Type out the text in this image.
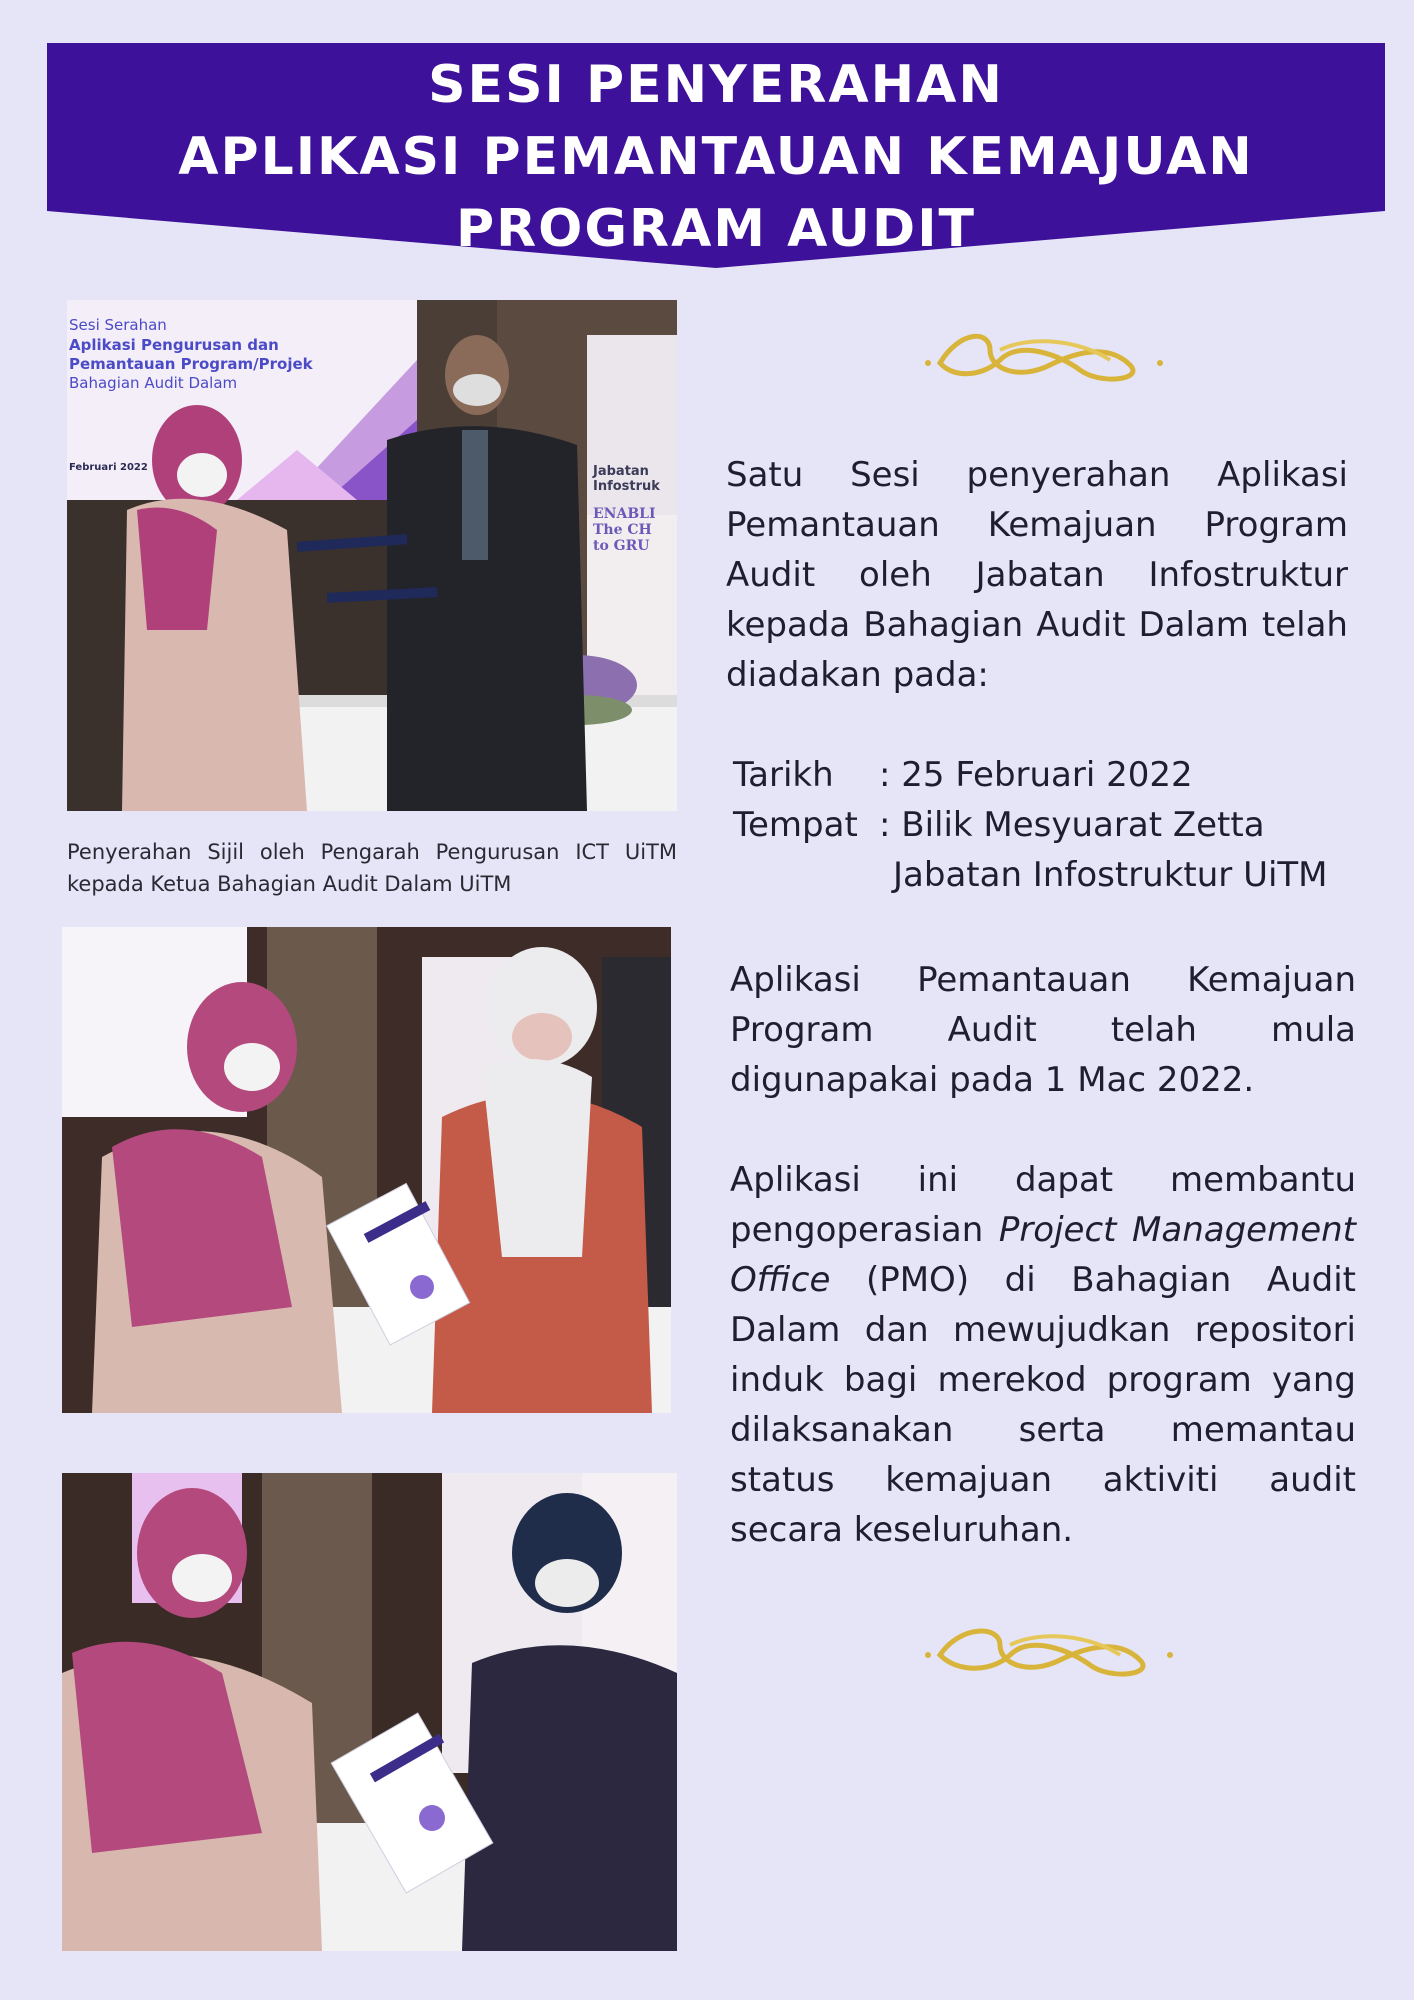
SESI PENYERAHAN
APLIKASI PEMANTAUAN KEMAJUAN
PROGRAM AUDIT
Sesi Serahan
Aplikasi Pengurusan dan
Pemantauan Program/Projek
Bahagian Audit Dalam
Februari 2022	Jabatan
Infostruk
ENABLI
The CH
to GRU
Penyerahan Sijil oleh Pengarah Pengurusan ICT UiTM kepada Ketua Bahagian Audit Dalam UiTM
Satu Sesi penyerahan Aplikasi Pemantauan Kemajuan Program Audit oleh Jabatan Infostruktur kepada Bahagian Audit Dalam telah diadakan pada:
Tarikh : 25 Februari 2022
Tempat : Bilik Mesyuarat Zetta
Jabatan Infostruktur UiTM
Aplikasi Pemantauan Kemajuan Program Audit telah mula digunapakai pada 1 Mac 2022.
Aplikasi ini dapat membantu pengoperasian Project Management Office (PMO) di Bahagian Audit Dalam dan mewujudkan repositori induk bagi merekod program yang dilaksanakan serta memantau status kemajuan aktiviti audit secara keseluruhan.
